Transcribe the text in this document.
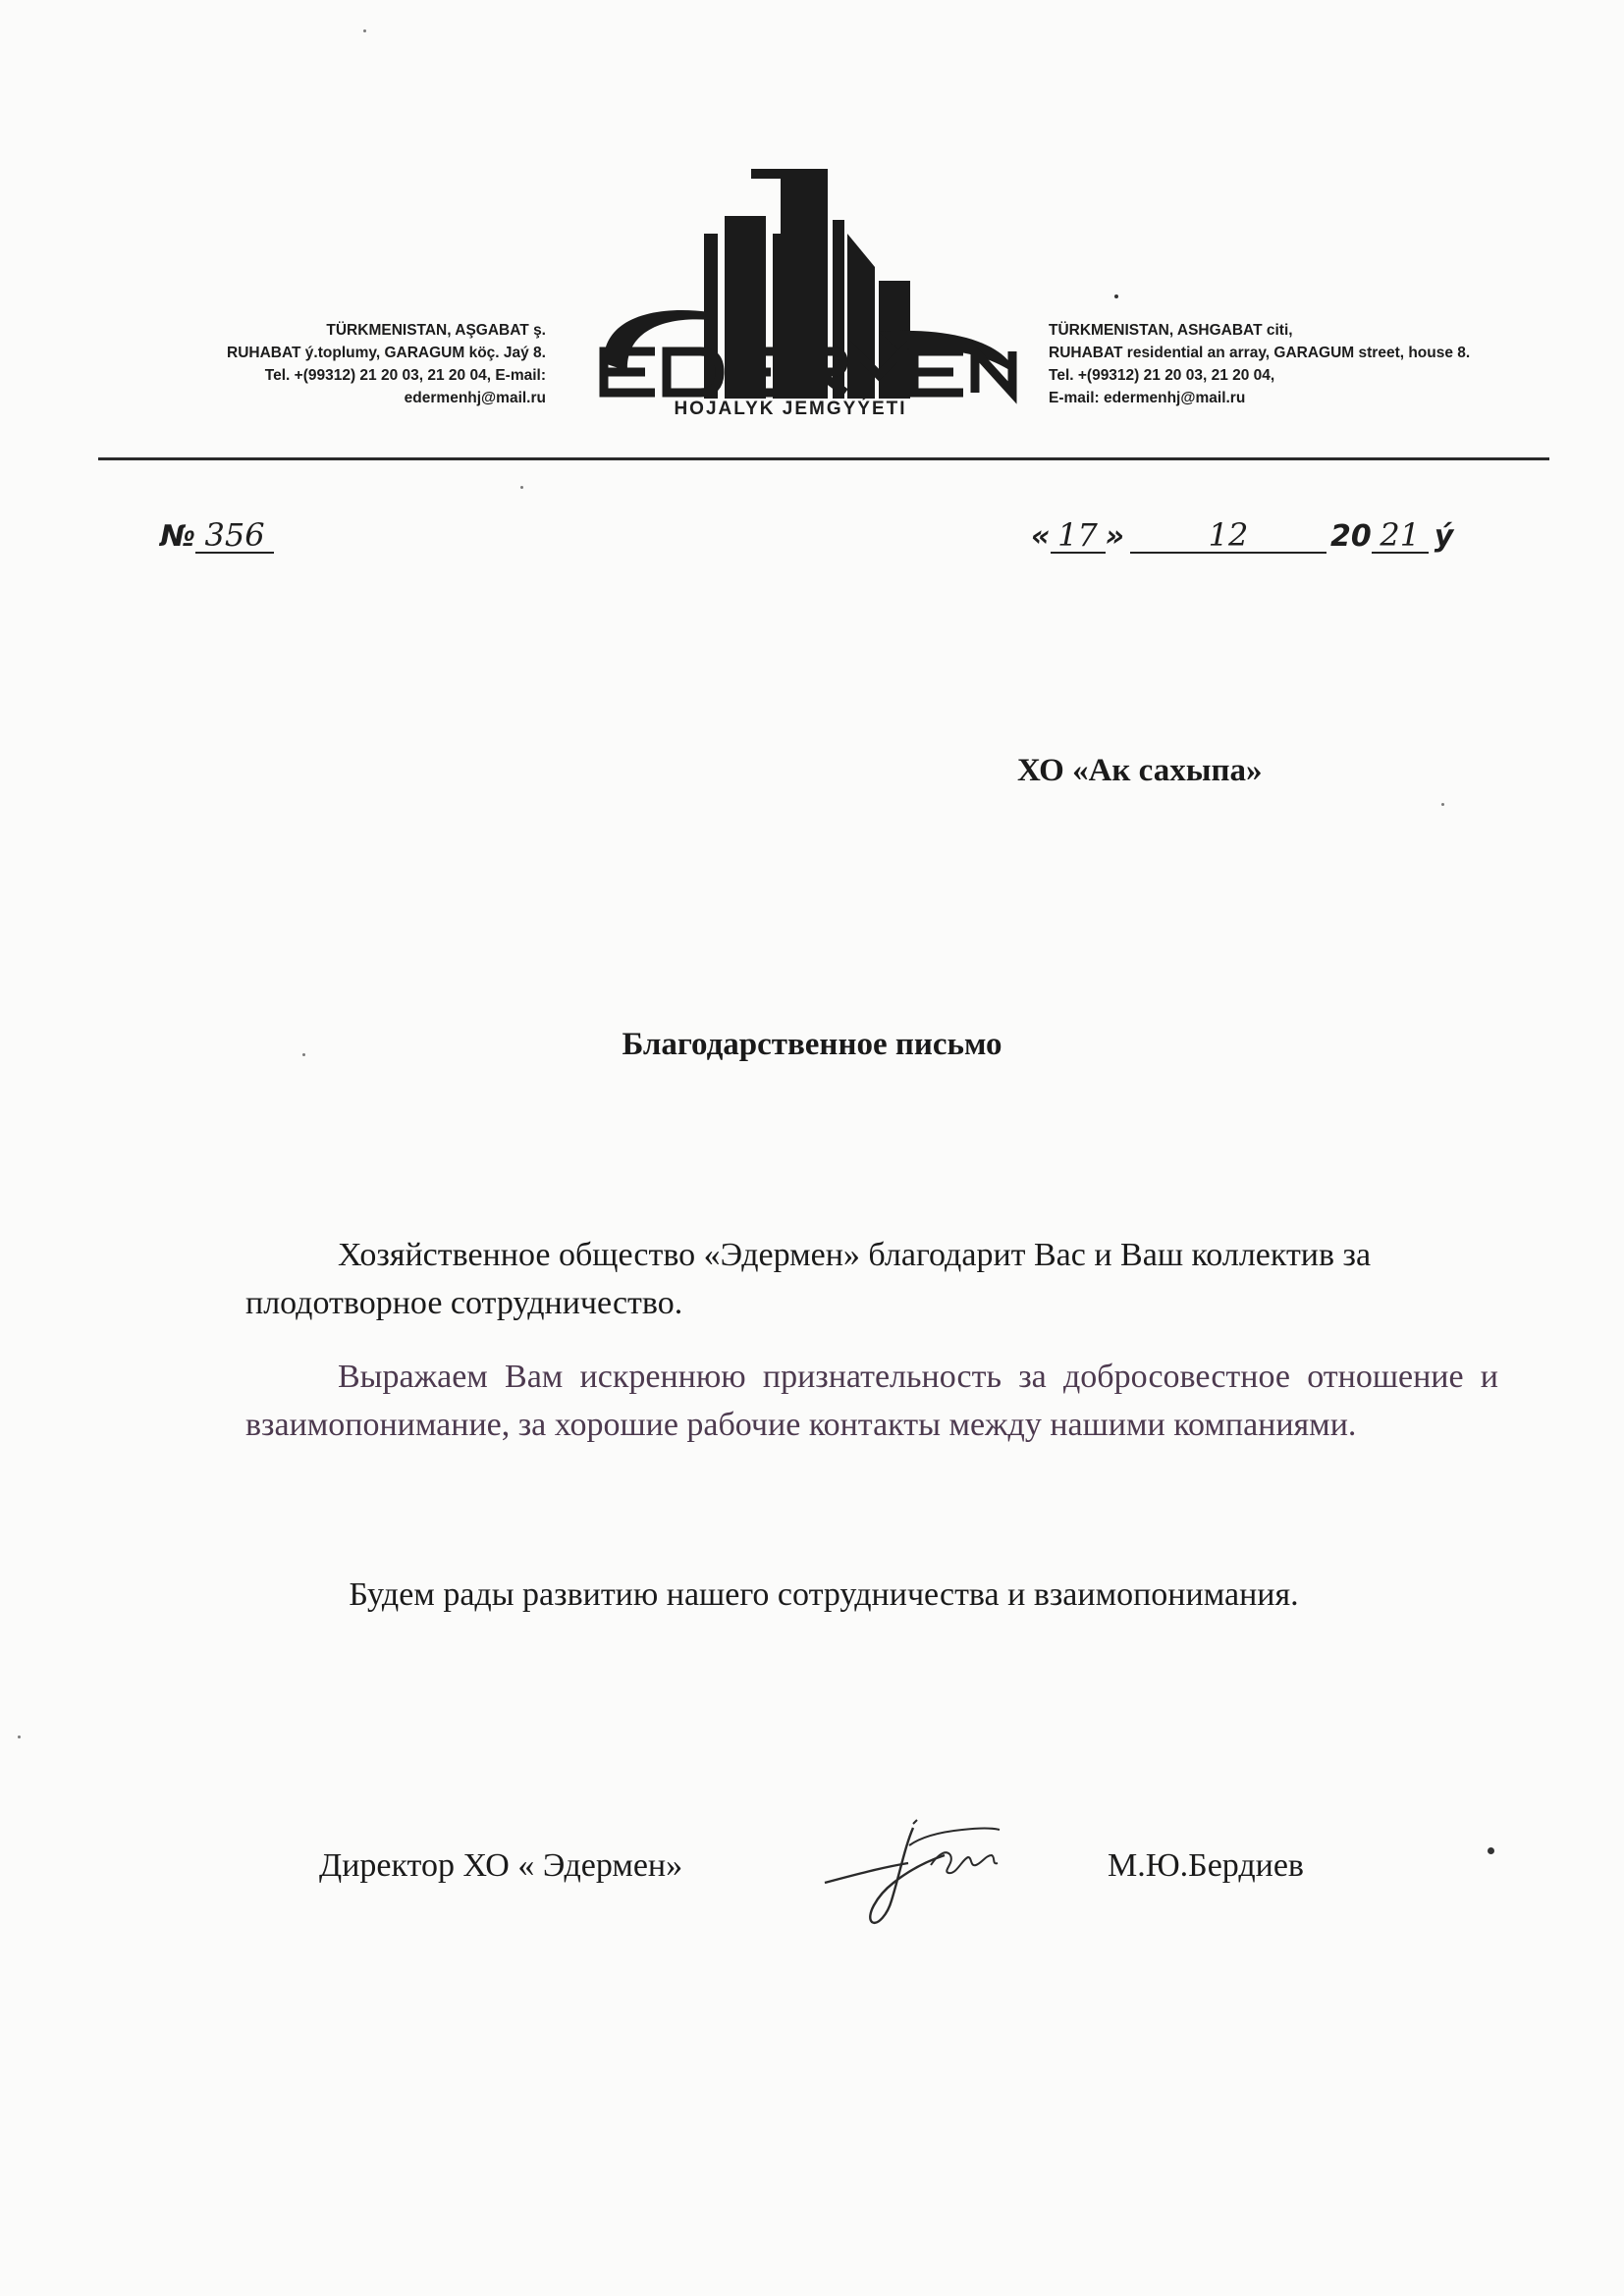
TÜRKMENISTAN, AŞGABAT ş.
RUHABAT ý.toplumy, GARAGUM köç. Jaý 8.
Tel. +(99312) 21 20 03, 21 20 04, E-mail:
edermenhj@mail.ru
HOJALYK JEMGYÝETI
TÜRKMENISTAN, ASHGABAT citi,
RUHABAT residential an array, GARAGUM street, house 8.
Tel. +(99312) 21 20 03, 21 20 04,
E-mail: edermenhj@mail.ru
№ 356	« 17 »	12	20 21 ý
ХО «Ак сахыпа»
Благодарственное письмо
Хозяйственное общество «Эдермен» благодарит Вас и Ваш коллектив за плодотворное сотрудничество.
Выражаем Вам искреннюю признательность за добросовестное отношение и взаимопонимание, за хорошие рабочие контакты между нашими компаниями.
Будем рады развитию нашего сотрудничества и взаимопонимания.
Директор ХО « Эдермен»	М.Ю.Бердиев
